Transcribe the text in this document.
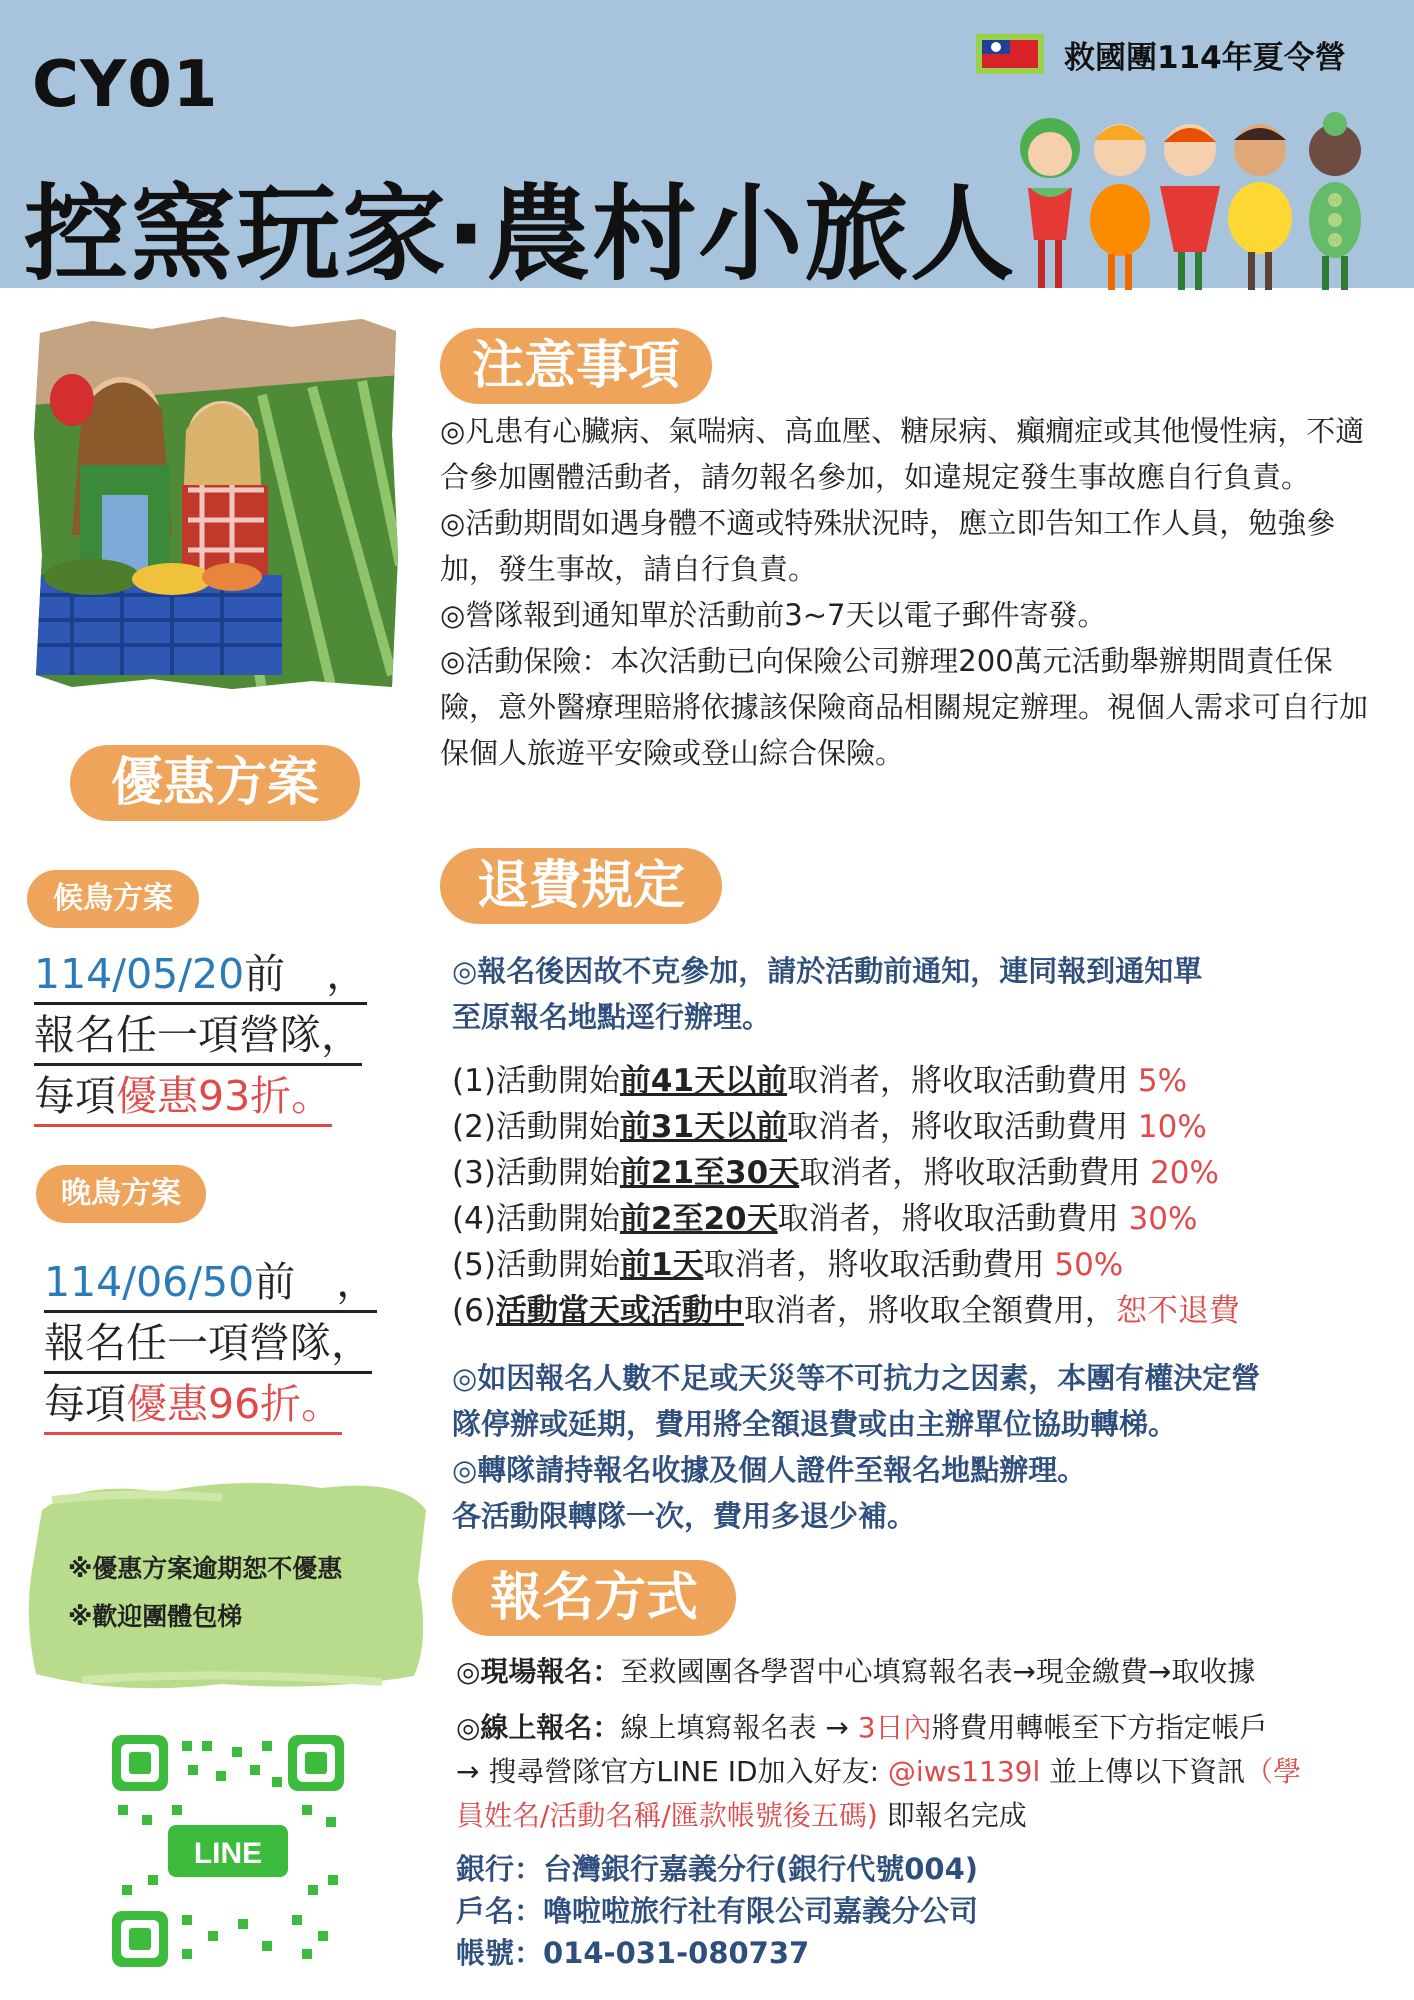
CY01
控窯玩家‧農村小旅人
救國團114年夏令營
注意事項
優惠方案
退費規定
報名方式

◎凡患有心臟病、氣喘病、高血壓、糖尿病、癲癇症或其他慢性病，不適合參加團體活動者，請勿報名參加，如違規定發生事故應自行負責。

◎活動期間如遇身體不適或特殊狀況時，應立即告知工作人員，勉強參加，發生事故，請自行負責。

◎營隊報到通知單於活動前3~7天以電子郵件寄發。

◎活動保險：本次活動已向保險公司辦理200萬元活動舉辦期間責任保險，意外醫療理賠將依據該保險商品相關規定辦理。視個人需求可自行加保個人旅遊平安險或登山綜合保險。

候鳥方案
114/05/20前　，
報名任一項營隊，
每項優惠93折。
晚鳥方案
114/06/50前　，
報名任一項營隊，
每項優惠96折。
※優惠方案逾期恕不優惠
※歡迎團體包梯
◎報名後因故不克參加，請於活動前通知，連同報到通知單
至原報名地點逕行辦理。
(1)活動開始前41天以前取消者，將收取活動費用 5%
(2)活動開始前31天以前取消者，將收取活動費用 10%
(3)活動開始前21至30天取消者，將收取活動費用 20%
(4)活動開始前2至20天取消者，將收取活動費用 30%
(5)活動開始前1天取消者，將收取活動費用 50%
(6)活動當天或活動中取消者，將收取全額費用，恕不退費
◎如因報名人數不足或天災等不可抗力之因素，本團有權決定營
隊停辦或延期，費用將全額退費或由主辦單位協助轉梯。
◎轉隊請持報名收據及個人證件至報名地點辦理。
各活動限轉隊一次，費用多退少補。
◎現場報名：至救國團各學習中心填寫報名表→現金繳費→取收據
◎線上報名：線上填寫報名表 → 3日內將費用轉帳至下方指定帳戶
→ 搜尋營隊官方LINE ID加入好友: @iws1139l 並上傳以下資訊（學
員姓名/活動名稱/匯款帳號後五碼) 即報名完成
銀行：台灣銀行嘉義分行(銀行代號004)
戶名：嚕啦啦旅行社有限公司嘉義分公司
帳號：014-031-080737
LINE
